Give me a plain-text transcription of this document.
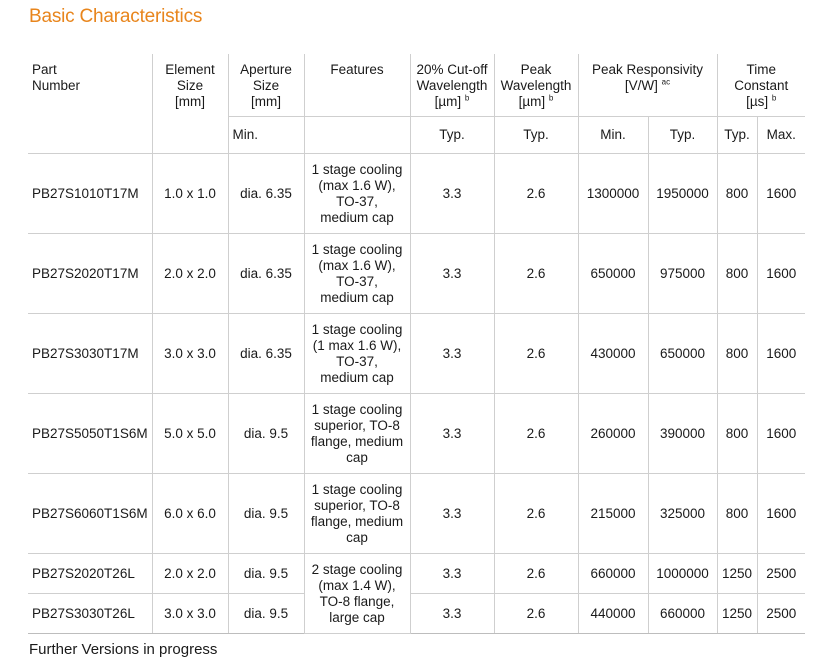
Basic Characteristics
Part
Number	Element
Size
[mm]	Aperture
Size
[mm]	Features	20% Cut-off
Wavelength
[µm] $^b$	Peak
Wavelength
[µm] $^b$	Peak Responsivity
[V/W] $^{ac}$		Time
Constant
[µs] $^b$
		Min.		Typ.	Typ.	Min.	Typ.	Typ.	Max.
PB27S1010T17M	1.0 x 1.0	dia. 6.35	1 stage cooling
(max 1.6 W),
TO-37,
medium cap	3.3	2.6	1300000	1950000	800	1600
PB27S2020T17M	2.0 x 2.0	dia. 6.35	1 stage cooling
(max 1.6 W),
TO-37,
medium cap	3.3	2.6	650000	975000	800	1600
PB27S3030T17M	3.0 x 3.0	dia. 6.35	1 stage cooling
(1 max 1.6 W),
TO-37,
medium cap	3.3	2.6	430000	650000	800	1600
PB27S5050T1S6M	5.0 x 5.0	dia. 9.5	1 stage cooling
superior, TO-8
flange, medium
cap	3.3	2.6	260000	390000	800	1600
PB27S6060T1S6M	6.0 x 6.0	dia. 9.5	1 stage cooling
superior, TO-8
flange, medium
cap	3.3	2.6	215000	325000	800	1600
PB27S2020T26L	2.0 x 2.0	dia. 9.5	2 stage cooling
(max 1.4 W),
TO-8 flange,
large cap	3.3	2.6	660000	1000000	1250	2500
PB27S3030T26L	3.0 x 3.0	dia. 9.5		3.3	2.6	440000	660000	1250	2500
Further Versions in progress
